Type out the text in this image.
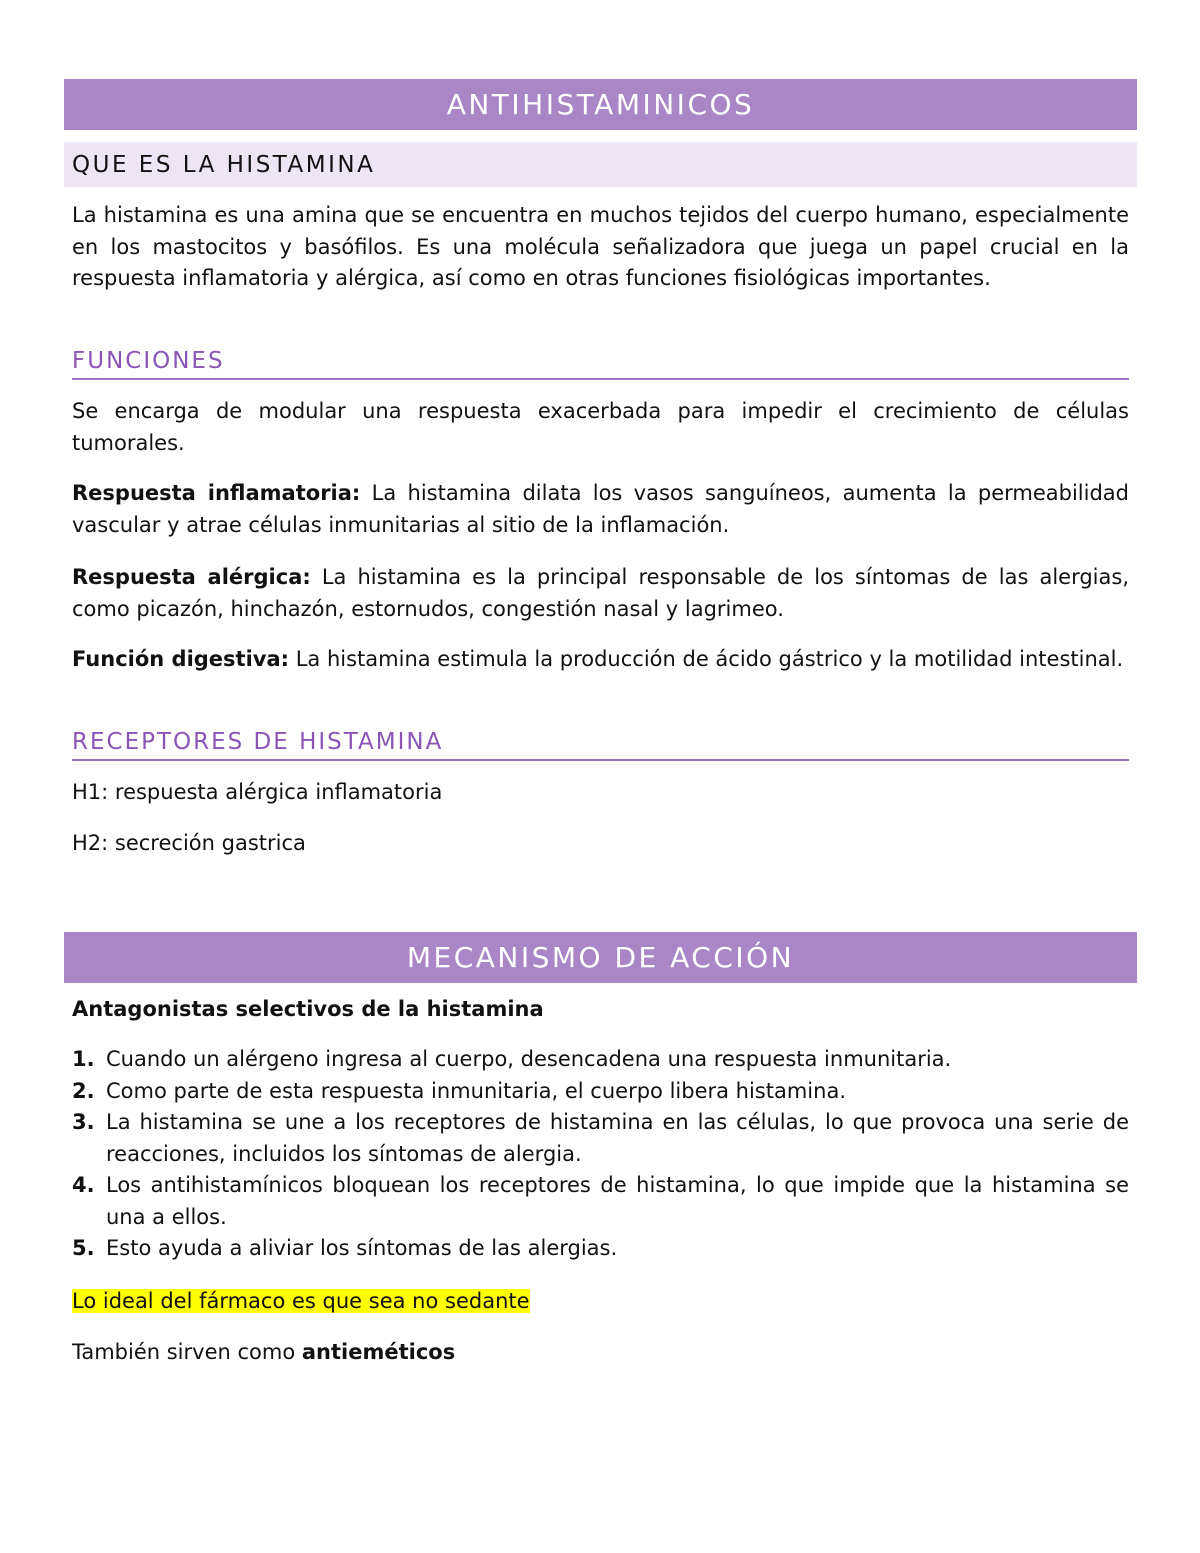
ANTIHISTAMINICOS
QUE ES LA HISTAMINA

La histamina es una amina que se encuentra en muchos tejidos del cuerpo humano, especialmente en los mastocitos y basófilos. Es una molécula señalizadora que juega un papel crucial en la respuesta inflamatoria y alérgica, así como en otras funciones fisiológicas importantes.

FUNCIONES

Se encarga de modular una respuesta exacerbada para impedir el crecimiento de células tumorales.

Respuesta inflamatoria: La histamina dilata los vasos sanguíneos, aumenta la permeabilidad vascular y atrae células inmunitarias al sitio de la inflamación.

Respuesta alérgica: La histamina es la principal responsable de los síntomas de las alergias, como picazón, hinchazón, estornudos, congestión nasal y lagrimeo.

Función digestiva: La histamina estimula la producción de ácido gástrico y la motilidad intestinal.

RECEPTORES DE HISTAMINA

H1: respuesta alérgica inflamatoria

H2: secreción gastrica

MECANISMO DE ACCIÓN

Antagonistas selectivos de la histamina

1. Cuando un alérgeno ingresa al cuerpo, desencadena una respuesta inmunitaria.
2. Como parte de esta respuesta inmunitaria, el cuerpo libera histamina.
3. La histamina se une a los receptores de histamina en las células, lo que provoca una serie de reacciones, incluidos los síntomas de alergia.
4. Los antihistamínicos bloquean los receptores de histamina, lo que impide que la histamina se una a ellos.
5. Esto ayuda a aliviar los síntomas de las alergias.

Lo ideal del fármaco es que sea no sedante

También sirven como antieméticos
